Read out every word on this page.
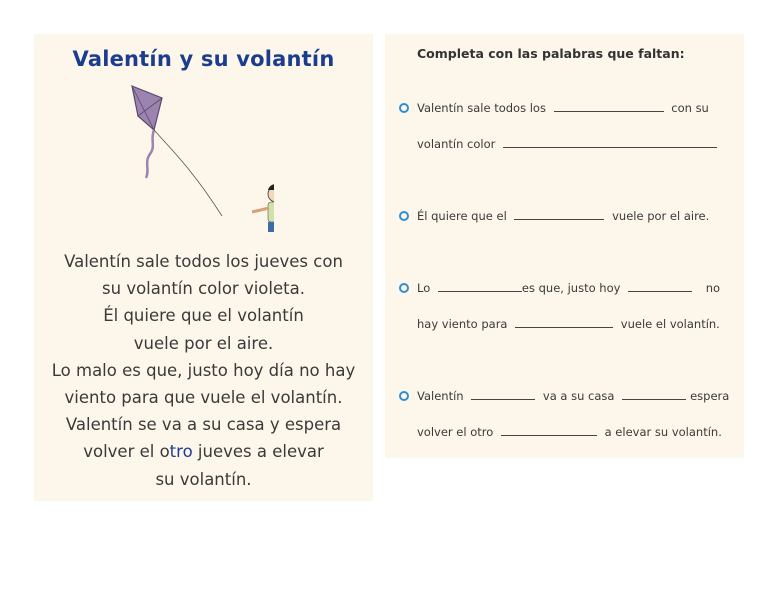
Valentín y su volantín
Valentín sale todos los jueves con
su volantín color violeta.
Él quiere que el volantín
vuele por el aire.
Lo malo es que, justo hoy día no hay
viento para que vuele el volantín.
Valentín se va a su casa y espera
volver el otro jueves a elevar
su volantín.
Completa con las palabras que faltan:
Valentín sale todos los	con su
volantín color
Él quiere que el	vuele por el aire.
Lo	es que, justo hoy	no
hay viento para	vuele el volantín.
Valentín	va a su casa	espera
volver el otro	a elevar su volantín.
